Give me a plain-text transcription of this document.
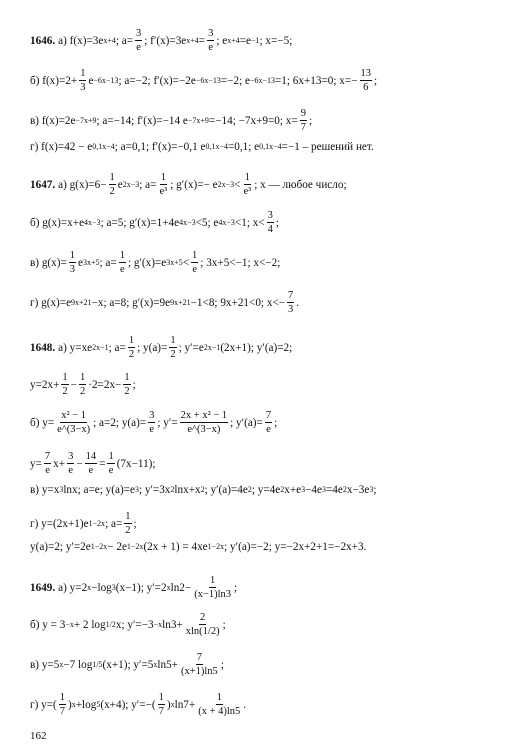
1646. а)
f(x)=3e x+4 ; $a= \frac{3}{e}$ ; f′(x)=3e $x+4 = \frac{3}{e}$ ; e x+4 =e −1 ; x=−5;
б)
$f(x)=2+ \frac{1}{3}$ e −6x−13 ; a=−2; f′(x)=−2e −6x−13 =−2; e −6x−13 =1; 6x+13=0; $x=- \frac{13}{6}$ ;
в)
f(x)=2e −7x+9 ; a=−14; f′(x)=−14 e −7x+9 =−14; −7x+9=0; $x= \frac{9}{7}$ ;
г)
f(x)=42 − e 0,1x−4 ; a=0,1; f′(x)=−0,1 e 0,1x−4 =0,1; e 0,1x−4 =−1 – решений нет.
1647. а)
$g(x)=6- \frac{1}{2}$ e 2x−3 ; $a= \frac{1}{\text{e³}}$ ; g′(x)=− e $2x-3 < \frac{1}{\text{e³}}$ ; x — любое число;
б)
g(x)=x+e 4x−3 ; a=5; g′(x)=1+4e 4x−3 <5; e 4x−3 <1; $x< \frac{3}{4}$ ;
в)
$g(x)= \frac{1}{3}$ e 3x+5 ; $a= \frac{1}{e}$ ; g′(x)=e $3x+5 < \frac{1}{e}$ ; 3x+5<−1; x<−2;
г)
g(x)=e 9x+21 −x; a=8; g′(x)=9e 9x+21 −1<8; 9x+21<0; $x<- \frac{7}{3}$ .
1648. а)
y=xe 2x−1 ; $a= \frac{1}{2}$ ; $y(a)= \frac{1}{2}$ ; y′=e 2x−1 (2x+1); y′(a)=2;
$y=2x+ \frac{1}{2} - \frac{1}{2} \cdot 2=2x- \frac{1}{2}$ ;
б)
$y= \frac{\text{x² − 1}}{e\^{}(3-x)}$ ; a=2; $y(a)= \frac{3}{e}$ ; $y'= \frac{\text{2x + x² − 1}}{e\^{}(3-x)}$ ; $y'(a)= \frac{7}{e}$ ;
$y= \frac{7}{e} x+ \frac{3}{e} - \frac{14}{e} = \frac{1}{e} (7x-11)$;
в)
y=x 3 lnx; a=e; y(a)=e 3 ; y′=3x 2 lnx+x 2 ; y′(a)=4e 2 ; y=4e 2 x+e 3 −4e 3 =4e 2 x−3e 3 ;
г)
y=(2x+1)e 1−2x ; $a= \frac{1}{2}$ ;
y(a)=2; y′=2e 1−2x − 2e 1−2x (2x + 1) = 4xe 1−2x ; y′(a)=−2; y=−2x+2+1=−2x+3.
1649. а)
y=2 x −log 3 (x−1); y′=2 x $\ln 2- \frac{1}{(x-1)\ln 3}$ ;
б)
y = 3 −x + 2 log 1/2 x; y′=−3 −x $\ln 3+ \frac{2}{xln(1/2)}$ ;
в)
y=5 x −7 log 1/5 (x+1); y′=5 x $\ln 5+ \frac{7}{(x+1)\ln 5}$ ;
г)
$y=( \frac{1}{7}$ ) x +log 5 (x+4); $y'=-( \frac{1}{7}$ ) x $\ln 7+ \frac{1}{(x + 4)\ln 5}$ .
162
